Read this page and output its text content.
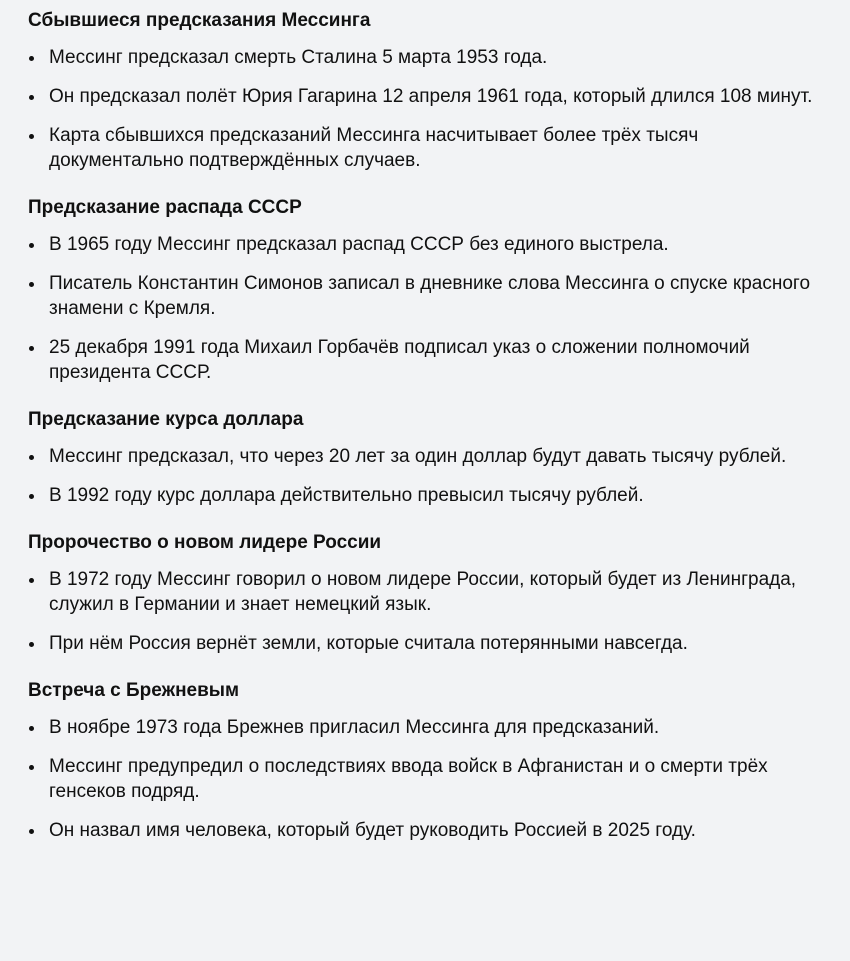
Сбывшиеся предсказания Мессинга
Мессинг предсказал смерть Сталина 5 марта 1953 года.
Он предсказал полёт Юрия Гагарина 12 апреля 1961 года, который длился 108 минут.
Карта сбывшихся предсказаний Мессинга насчитывает более трёх тысяч документально подтверждённых случаев.
Предсказание распада СССР
В 1965 году Мессинг предсказал распад СССР без единого выстрела.
Писатель Константин Симонов записал в дневнике слова Мессинга о спуске красного знамени с Кремля.
25 декабря 1991 года Михаил Горбачёв подписал указ о сложении полномочий президента СССР.
Предсказание курса доллара
Мессинг предсказал, что через 20 лет за один доллар будут давать тысячу рублей.
В 1992 году курс доллара действительно превысил тысячу рублей.
Пророчество о новом лидере России
В 1972 году Мессинг говорил о новом лидере России, который будет из Ленинграда, служил в Германии и знает немецкий язык.
При нём Россия вернёт земли, которые считала потерянными навсегда.
Встреча с Брежневым
В ноябре 1973 года Брежнев пригласил Мессинга для предсказаний.
Мессинг предупредил о последствиях ввода войск в Афганистан и о смерти трёх генсеков подряд.
Он назвал имя человека, который будет руководить Россией в 2025 году.
